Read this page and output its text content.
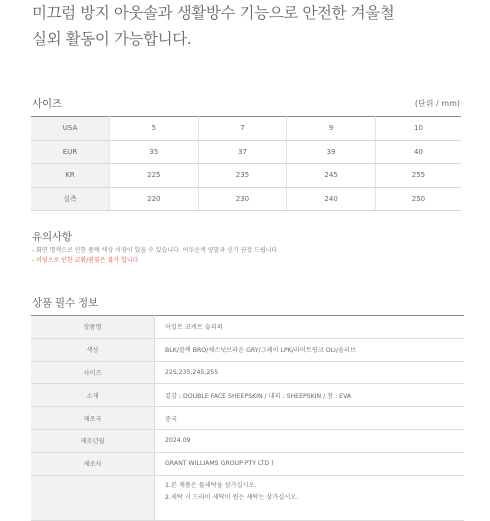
미끄럼 방지 아웃솔과 생활방수 기능으로 안전한 겨울철
실외 활동이 가능합니다.
사이즈	(단위 / mm)
USA	5	7	9	10
EUR	35	37	39	40
KR	225	235	245	255
실측	220	230	240	250
유의사항
- 화면 명색으로 인한 품텍 색상 이영이 있을 수 있습니다. 어두운색 양말과 신기 권장 드립니다.
- 이염으로 인한 교환/환불은 불가 합니다
상품 필수 정보
상품명	어일트 코케트 슬리퍼
색상	BLK/블랙 BRO/체스넛브라운 GRY/그레이 LPK/라이트핑크 OLI/올리브
사이즈	225,235,245,255
소재	겉감 : DOUBLE FACE SHEEPSKIN / 내피 : SHEEPSKIN / 창 : EVA
제조국	중국
제조년월	2024.09
제조사	GRANT WILLIAMS GROUP PTY LTD )

	1.본 제품은 물세탁을 삼가십시오.
2.세탁 시 드라이 세탁이 원는 세탁는 삼가십시오.
